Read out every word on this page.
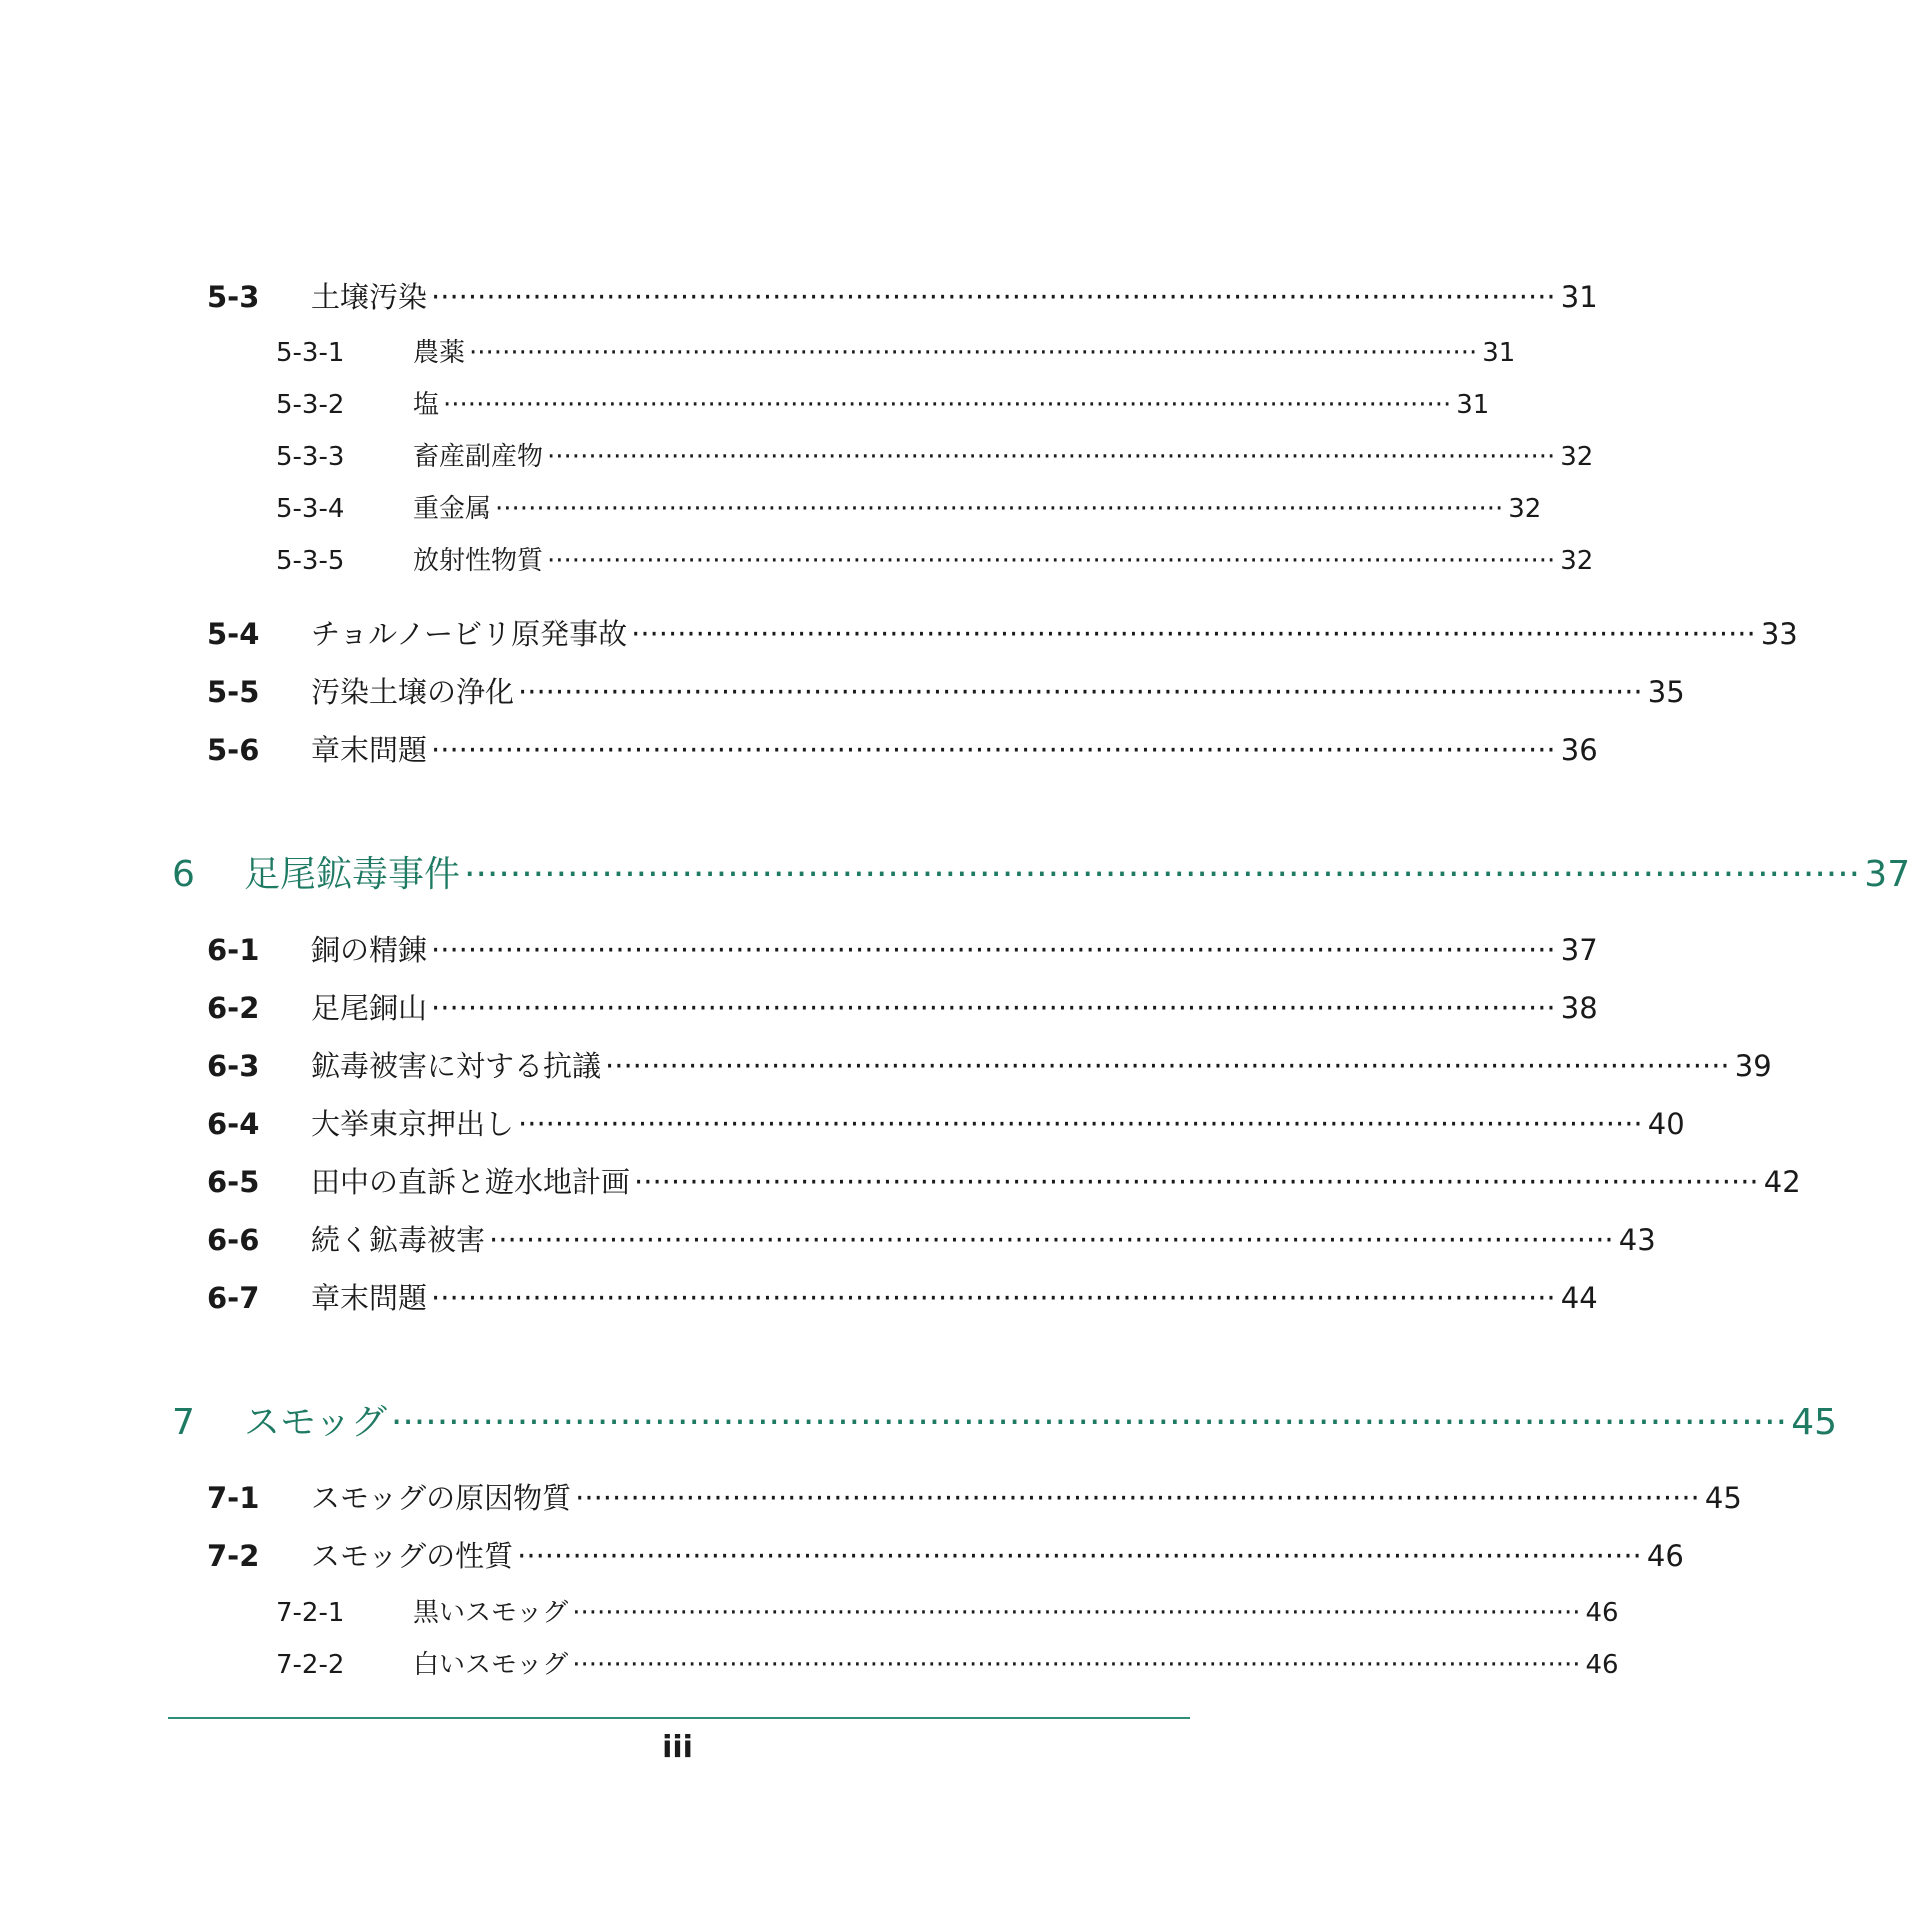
5-3	土壌汚染 ·························································································································· 31
5-3-1	農薬 ·························································································································· 31
5-3-2	塩 ·························································································································· 31
5-3-3	畜産副産物 ·························································································································· 32
5-3-4	重金属 ·························································································································· 32
5-3-5	放射性物質 ·························································································································· 32
5-4	チョルノービリ原発事故 ·························································································································· 33
5-5	汚染土壌の浄化 ·························································································································· 35
5-6	章末問題 ·························································································································· 36
6	足尾鉱毒事件 ·························································································································· 37
6-1	銅の精錬 ·························································································································· 37
6-2	足尾銅山 ·························································································································· 38
6-3	鉱毒被害に対する抗議 ·························································································································· 39
6-4	大挙東京押出し ·························································································································· 40
6-5	田中の直訴と遊水地計画 ·························································································································· 42
6-6	続く鉱毒被害 ·························································································································· 43
6-7	章末問題 ·························································································································· 44
7	スモッグ ·························································································································· 45
7-1	スモッグの原因物質 ·························································································································· 45
7-2	スモッグの性質 ·························································································································· 46
7-2-1	黒いスモッグ ·························································································································· 46
7-2-2	白いスモッグ ·························································································································· 46
iii
